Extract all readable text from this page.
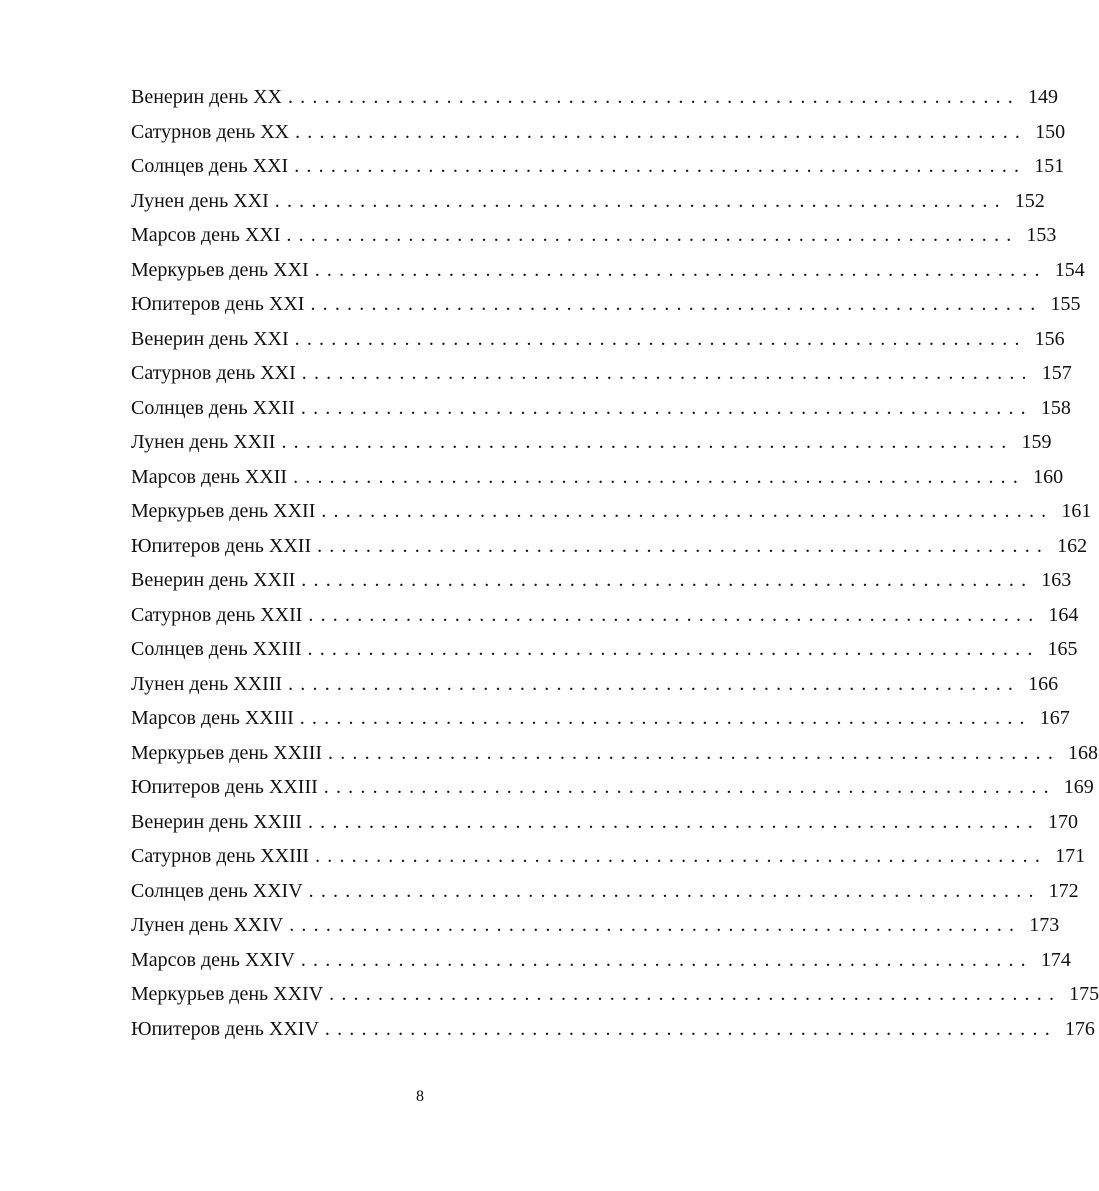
Венерин день XX ............................................................ 149
Сатурнов день XX ............................................................ 150
Солнцев день XXI ............................................................ 151
Лунен день XXI ............................................................ 152
Марсов день XXI ............................................................ 153
Меркурьев день XXI ............................................................ 154
Юпитеров день XXI ............................................................ 155
Венерин день XXI ............................................................ 156
Сатурнов день XXI ............................................................ 157
Солнцев день XXII ............................................................ 158
Лунен день XXII ............................................................ 159
Марсов день XXII ............................................................ 160
Меркурьев день XXII ............................................................ 161
Юпитеров день XXII ............................................................ 162
Венерин день XXII ............................................................ 163
Сатурнов день XXII ............................................................ 164
Солнцев день XXIII ............................................................ 165
Лунен день XXIII ............................................................ 166
Марсов день XXIII ............................................................ 167
Меркурьев день XXIII ............................................................ 168
Юпитеров день XXIII ............................................................ 169
Венерин день XXIII ............................................................ 170
Сатурнов день XXIII ............................................................ 171
Солнцев день XXIV ............................................................ 172
Лунен день XXIV ............................................................ 173
Марсов день XXIV ............................................................ 174
Меркурьев день XXIV ............................................................ 175
Юпитеров день XXIV ............................................................ 176
8
